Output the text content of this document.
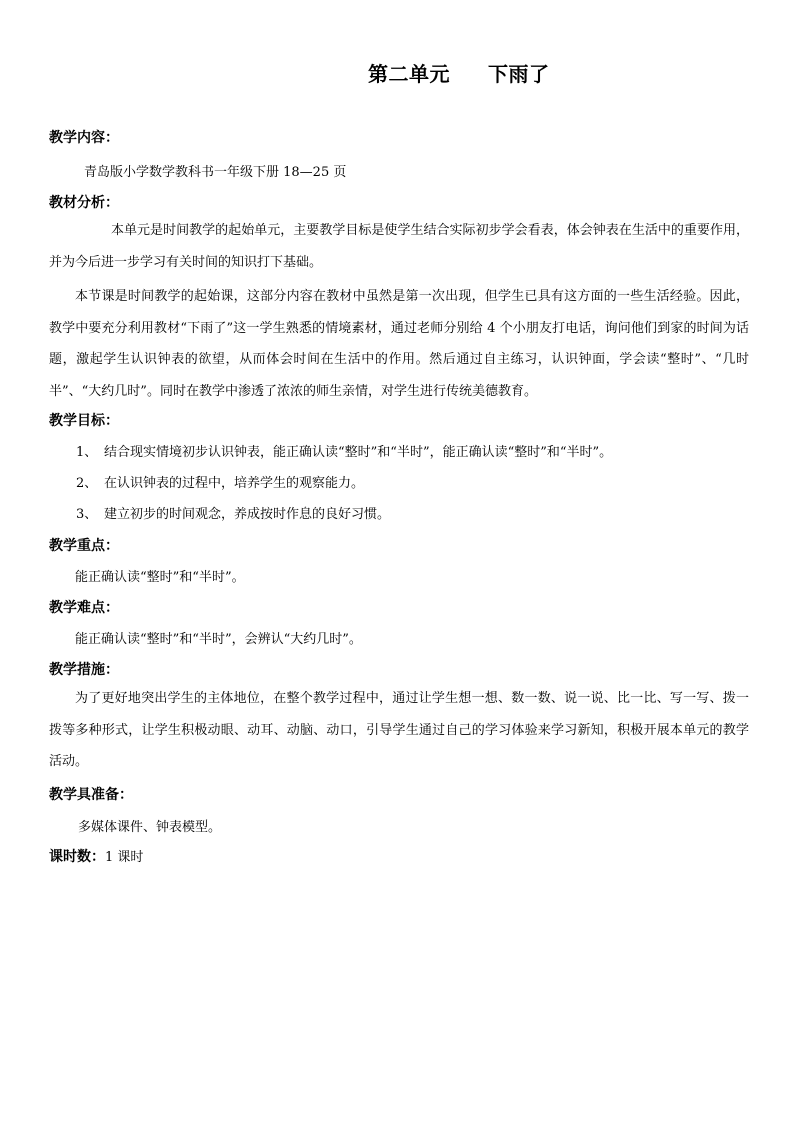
第二单元 下雨了
教学内容：
青岛版小学数学教科书一年级下册 18—25 页
教材分析：
本单元是时间教学的起始单元，主要教学目标是使学生结合实际初步学会看表，体会钟表在生活中的重要作用，并为今后进一步学习有关时间的知识打下基础。
本节课是时间教学的起始课，这部分内容在教材中虽然是第一次出现，但学生已具有这方面的一些生活经验。因此，教学中要充分利用教材“下雨了”这一学生熟悉的情境素材，通过老师分别给 4 个小朋友打电话，询问他们到家的时间为话题，激起学生认识钟表的欲望，从而体会时间在生活中的作用。然后通过自主练习，认识钟面，学会读“整时”、“几时半”、“大约几时”。同时在教学中渗透了浓浓的师生亲情，对学生进行传统美德教育。
教学目标：
1、 结合现实情境初步认识钟表，能正确认读“整时”和“半时”，能正确认读“整时”和“半时”。
2、 在认识钟表的过程中，培养学生的观察能力。
3、 建立初步的时间观念，养成按时作息的良好习惯。
教学重点：
能正确认读“整时”和“半时”。
教学难点：
能正确认读“整时”和“半时”，会辨认“大约几时”。
教学措施：
为了更好地突出学生的主体地位，在整个教学过程中，通过让学生想一想、数一数、说一说、比一比、写一写、拨一拨等多种形式，让学生积极动眼、动耳、动脑、动口，引导学生通过自己的学习体验来学习新知，积极开展本单元的教学活动。
教学具准备：
多媒体课件、钟表模型。
课时数：1 课时
